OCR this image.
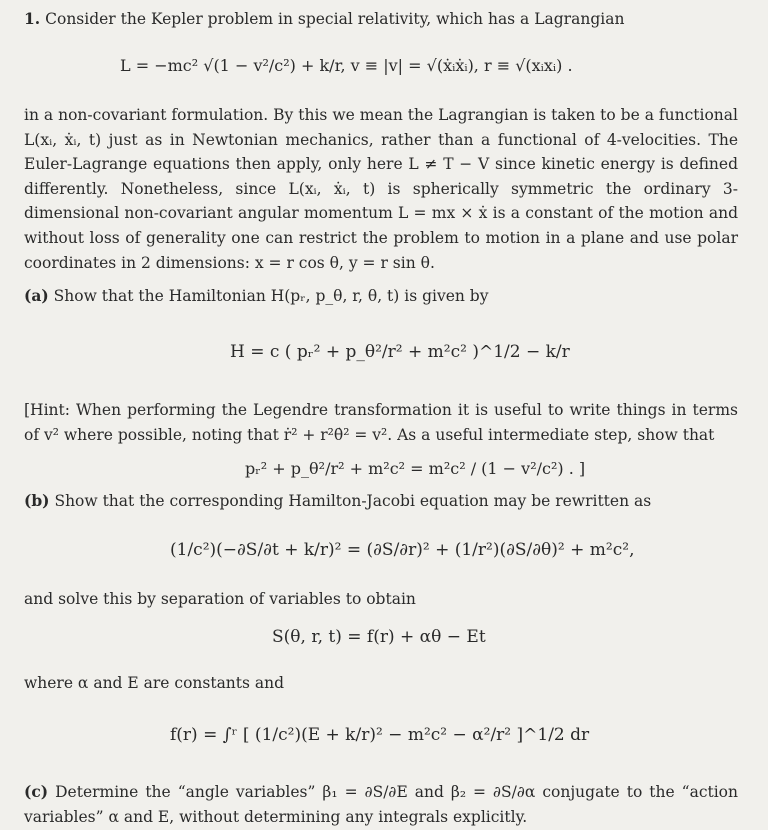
1. Consider the Kepler problem in special relativity, which has a Lagrangian
L = −mc² √(1 − v²/c²) + k/r, v ≡ |v| = √(ẋᵢẋᵢ), r ≡ √(xᵢxᵢ) .
in a non-covariant formulation. By this we mean the Lagrangian is taken to be a functional L(xᵢ, ẋᵢ, t) just as in Newtonian mechanics, rather than a functional of 4-velocities. The Euler-Lagrange equations then apply, only here L ≠ T − V since kinetic energy is defined differently. Nonetheless, since L(xᵢ, ẋᵢ, t) is spherically symmetric the ordinary 3-dimensional non-covariant angular momentum L = mx × ẋ is a constant of the motion and without loss of generality one can restrict the problem to motion in a plane and use polar coordinates in 2 dimensions: x = r cos θ, y = r sin θ.
(a) Show that the Hamiltonian H(pᵣ, p_θ, r, θ, t) is given by
H = c ( pᵣ² + p_θ²/r² + m²c² )^1/2 − k/r
[Hint: When performing the Legendre transformation it is useful to write things in terms of v² where possible, noting that ṙ² + r²θ̇² = v². As a useful intermediate step, show that
pᵣ² + p_θ²/r² + m²c² = m²c² / (1 − v²/c²) . ]
(b) Show that the corresponding Hamilton-Jacobi equation may be rewritten as
(1/c²)(−∂S/∂t + k/r)² = (∂S/∂r)² + (1/r²)(∂S/∂θ)² + m²c²,
and solve this by separation of variables to obtain
S(θ, r, t) = f(r) + αθ − Et
where α and E are constants and
f(r) = ∫ʳ [ (1/c²)(E + k/r)² − m²c² − α²/r² ]^1/2 dr
(c) Determine the “angle variables” β₁ = ∂S/∂E and β₂ = ∂S/∂α conjugate to the “action variables” α and E, without determining any integrals explicitly.
